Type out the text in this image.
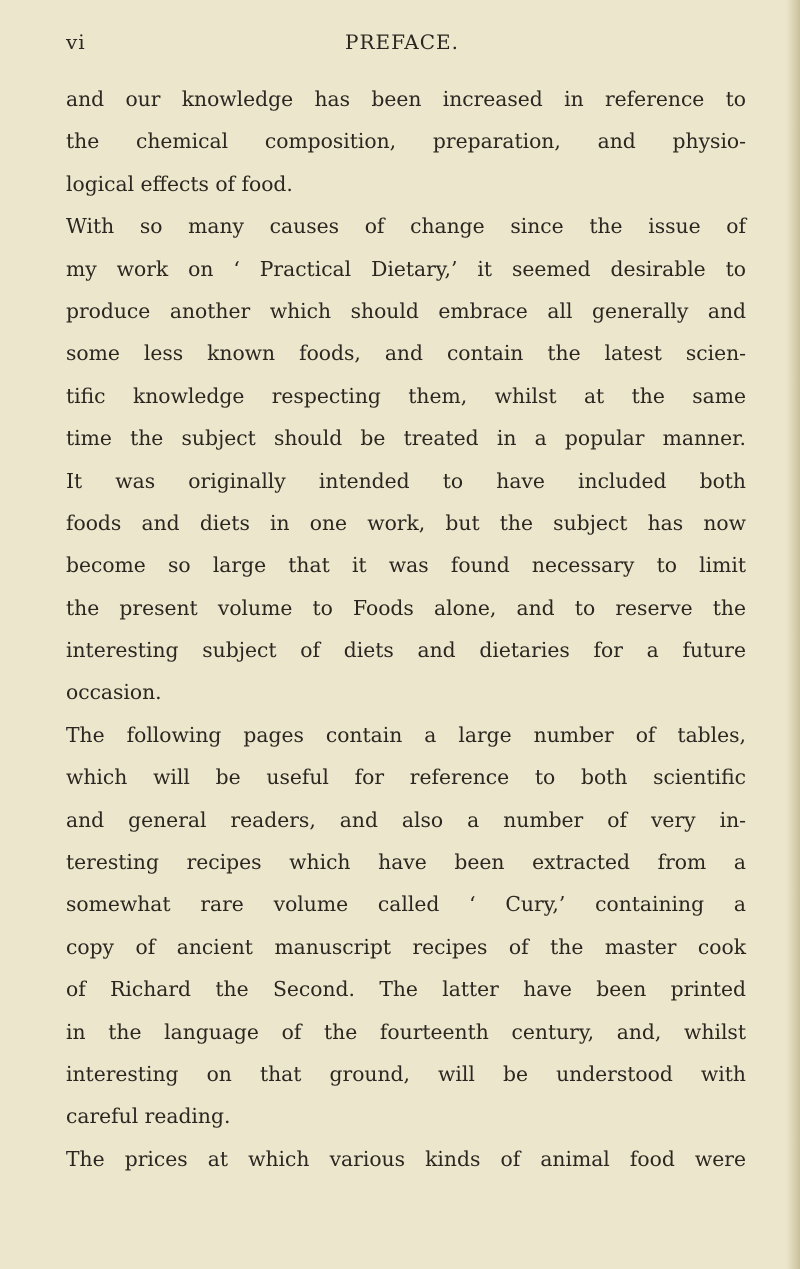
vi	PREFACE.
and our knowledge has been increased in reference to
the chemical composition, preparation, and physio-
logical effects of food.
With so many causes of change since the issue of
my work on ‘ Practical Dietary,’ it seemed desirable to
produce another which should embrace all generally and
some less known foods, and contain the latest scien-
tific knowledge respecting them, whilst at the same
time the subject should be treated in a popular manner.
It was originally intended to have included both
foods and diets in one work, but the subject has now
become so large that it was found necessary to limit
the present volume to Foods alone, and to reserve the
interesting subject of diets and dietaries for a future
occasion.
The following pages contain a large number of tables,
which will be useful for reference to both scientific
and general readers, and also a number of very in-
teresting recipes which have been extracted from a
somewhat rare volume called ‘ Cury,’ containing a
copy of ancient manuscript recipes of the master cook
of Richard the Second. The latter have been printed
in the language of the fourteenth century, and, whilst
interesting on that ground, will be understood with
careful reading.
The prices at which various kinds of animal food were
